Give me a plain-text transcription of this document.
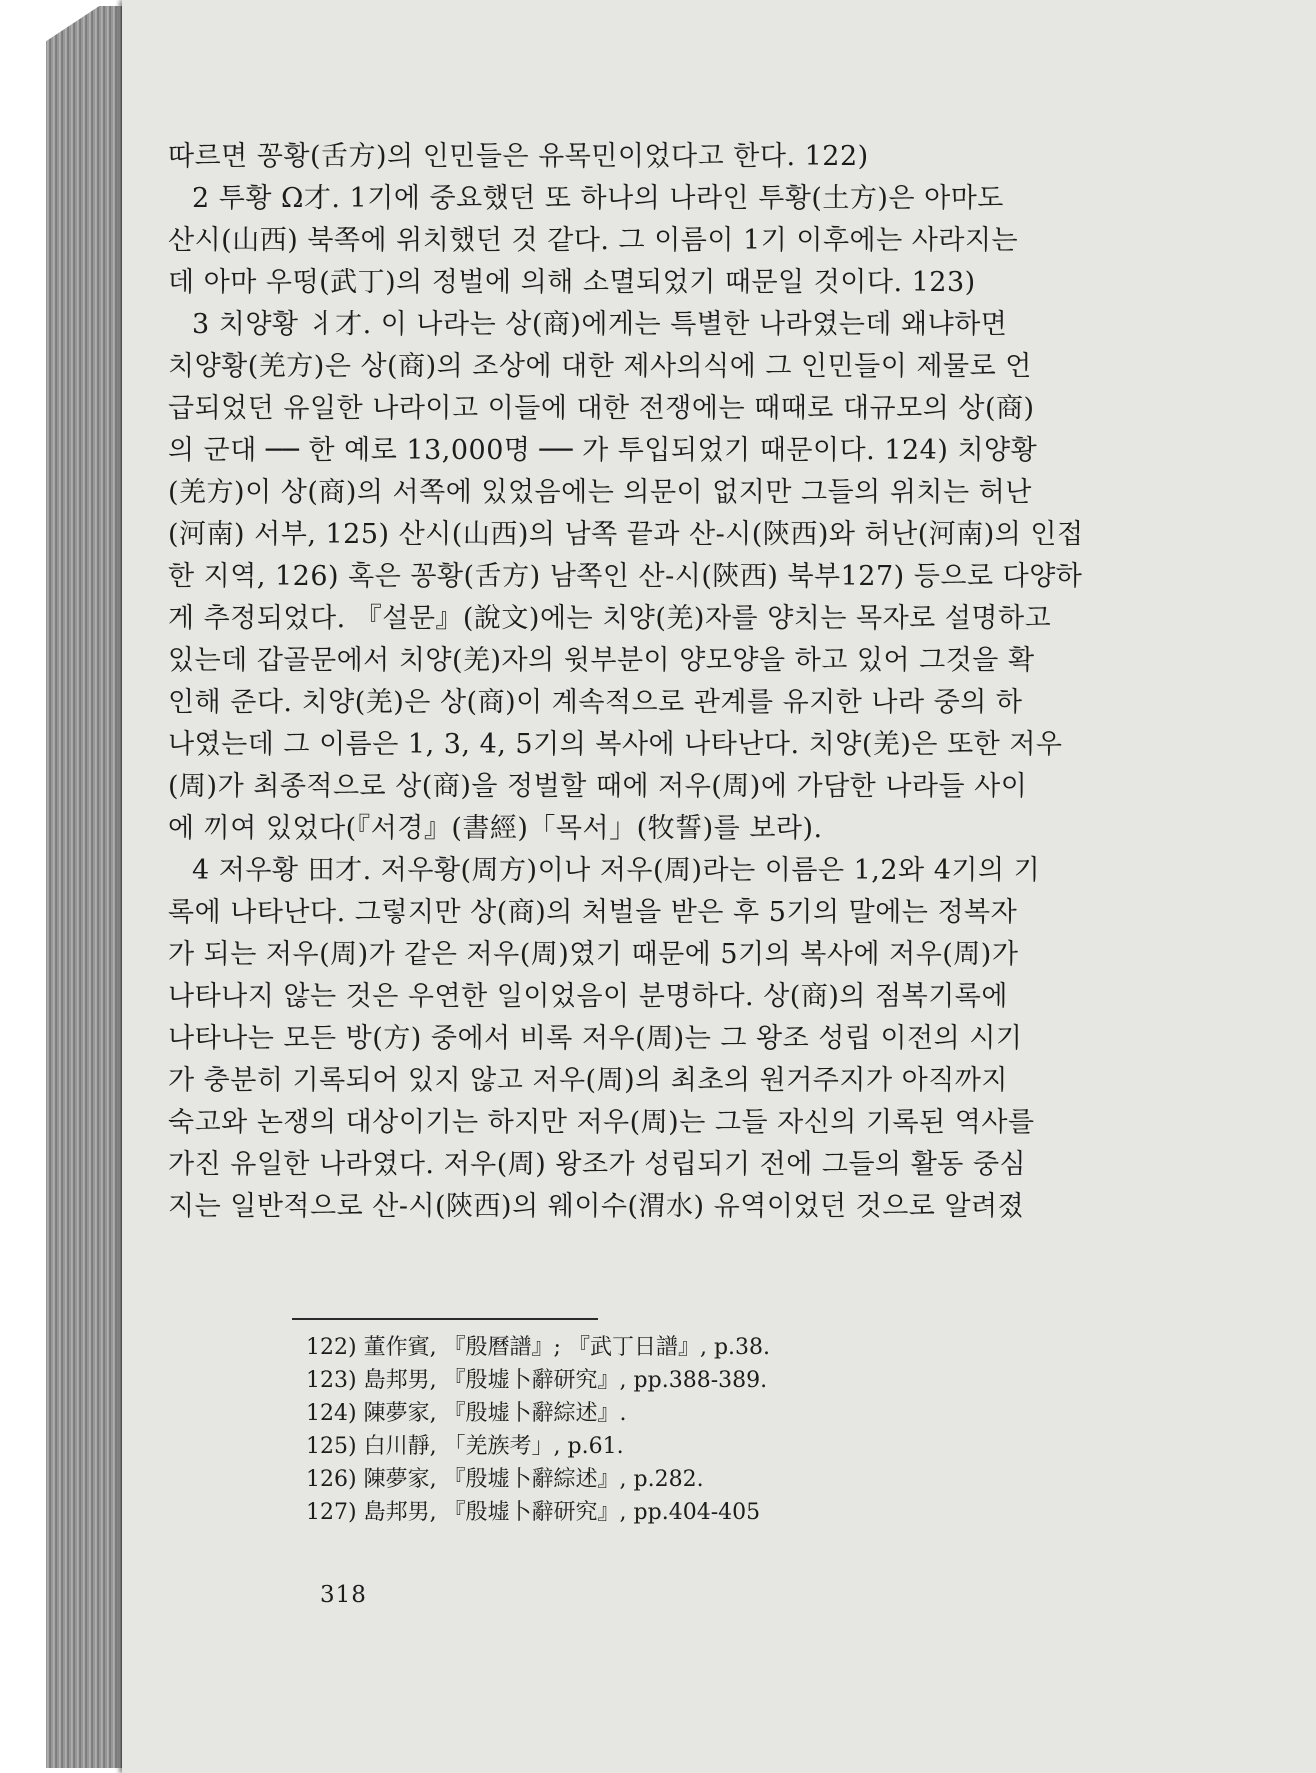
따르면 꽁황(舌方)의 인민들은 유목민이었다고 한다. 122)
2 투황 Ω才. 1기에 중요했던 또 하나의 나라인 투황(土方)은 아마도
산시(山西) 북쪽에 위치했던 것 같다. 그 이름이 1기 이후에는 사라지는
데 아마 우떵(武丁)의 정벌에 의해 소멸되었기 때문일 것이다. 123)
3 치양황 ⺦才. 이 나라는 상(商)에게는 특별한 나라였는데 왜냐하면
치양황(羌方)은 상(商)의 조상에 대한 제사의식에 그 인민들이 제물로 언
급되었던 유일한 나라이고 이들에 대한 전쟁에는 때때로 대규모의 상(商)
의 군대 ── 한 예로 13,000명 ── 가 투입되었기 때문이다. 124) 치양황
(羌方)이 상(商)의 서쪽에 있었음에는 의문이 없지만 그들의 위치는 허난
(河南) 서부, 125) 산시(山西)의 남쪽 끝과 산-시(陝西)와 허난(河南)의 인접
한 지역, 126) 혹은 꽁황(舌方) 남쪽인 산-시(陝西) 북부127) 등으로 다양하
게 추정되었다. 『설문』(說文)에는 치양(羌)자를 양치는 목자로 설명하고
있는데 갑골문에서 치양(羌)자의 윗부분이 양모양을 하고 있어 그것을 확
인해 준다. 치양(羌)은 상(商)이 계속적으로 관계를 유지한 나라 중의 하
나였는데 그 이름은 1, 3, 4, 5기의 복사에 나타난다. 치양(羌)은 또한 저우
(周)가 최종적으로 상(商)을 정벌할 때에 저우(周)에 가담한 나라들 사이
에 끼여 있었다(『서경』(書經)「목서」(牧誓)를 보라).
4 저우황 田才. 저우황(周方)이나 저우(周)라는 이름은 1,2와 4기의 기
록에 나타난다. 그렇지만 상(商)의 처벌을 받은 후 5기의 말에는 정복자
가 되는 저우(周)가 같은 저우(周)였기 때문에 5기의 복사에 저우(周)가
나타나지 않는 것은 우연한 일이었음이 분명하다. 상(商)의 점복기록에
나타나는 모든 방(方) 중에서 비록 저우(周)는 그 왕조 성립 이전의 시기
가 충분히 기록되어 있지 않고 저우(周)의 최초의 원거주지가 아직까지
숙고와 논쟁의 대상이기는 하지만 저우(周)는 그들 자신의 기록된 역사를
가진 유일한 나라였다. 저우(周) 왕조가 성립되기 전에 그들의 활동 중심
지는 일반적으로 산-시(陝西)의 웨이수(渭水) 유역이었던 것으로 알려졌
122) 董作賓, 『殷曆譜』; 『武丁日譜』, p.38.
123) 島邦男, 『殷墟卜辭研究』, pp.388-389.
124) 陳夢家, 『殷墟卜辭綜述』.
125) 白川靜, 「羌族考」, p.61.
126) 陳夢家, 『殷墟卜辭綜述』, p.282.
127) 島邦男, 『殷墟卜辭研究』, pp.404-405
318
